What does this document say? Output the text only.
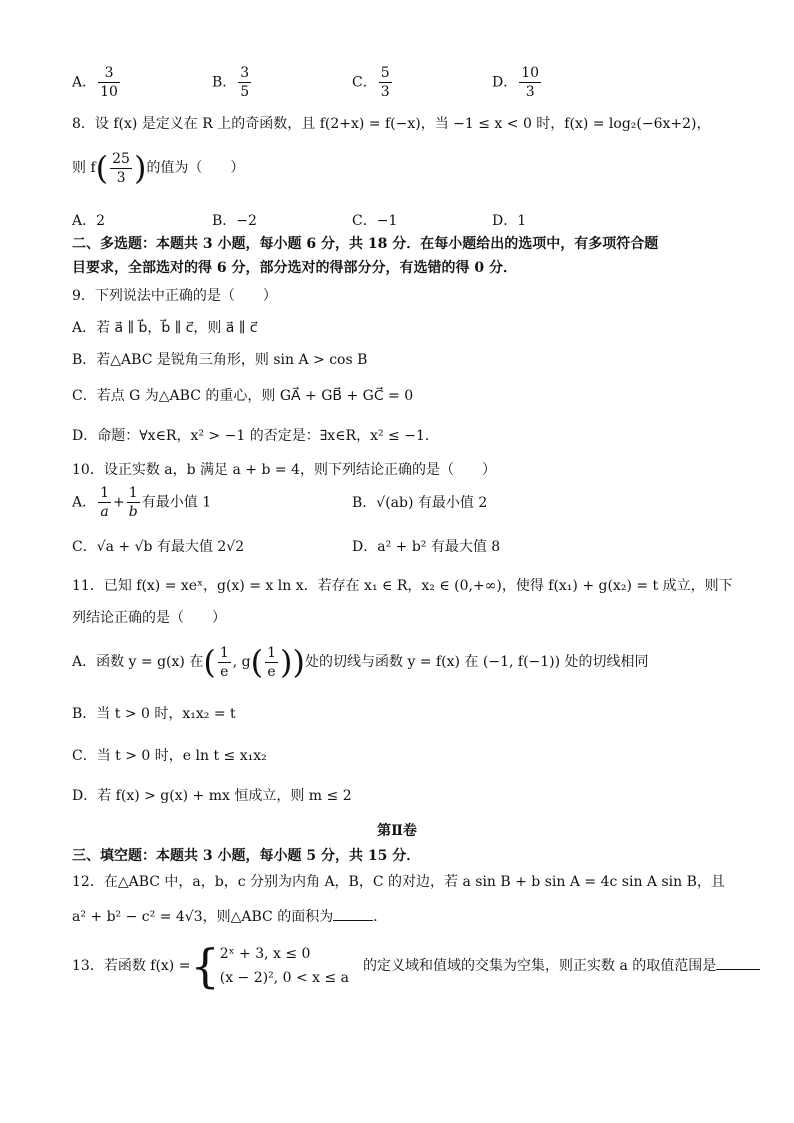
A． $\frac{3}{10}$	B． $\frac{3}{5}$	C． $\frac{5}{3}$	D． $\frac{10}{3}$
8．设 f(x) 是定义在 R 上的奇函数，且 f(2+x) = f(−x)，当 −1 ≤ x < 0 时，f(x) = log₂(−6x+2)，
则 $f( \frac{25}{3}$ )的值为（　　）
A．2	B．−2	C．−1	D．1
二、多选题：本题共 3 小题，每小题 6 分，共 18 分．在每小题给出的选项中，有多项符合题
目要求，全部选对的得 6 分，部分选对的得部分分，有选错的得 0 分．
9．下列说法中正确的是（　　）
A．若 a⃗ ∥ b⃗，b⃗ ∥ c⃗，则 a⃗ ∥ c⃗
B．若△ABC 是锐角三角形，则 sin A > cos B
C．若点 G 为△ABC 的重心，则 GA⃗ + GB⃗ + GC⃗ = 0
D．命题：∀x∈R，x² > −1 的否定是：∃x∈R，x² ≤ −1．
10．设正实数 a，b 满足 a + b = 4，则下列结论正确的是（　　）
A． $\frac{1}{a} + \frac{1}{b}$ 有最小值 1	B．√(ab) 有最小值 2
C．√a + √b 有最大值 2√2	D．a² + b² 有最大值 8
11．已知 f(x) = xeˣ，g(x) = x ln x．若存在 x₁ ∈ R，x₂ ∈ (0,+∞)，使得 f(x₁) + g(x₂) = t 成立，则下
列结论正确的是（　　）
A．函数 y = g(x) 在( $\frac{1}{e}$ , $g( \frac{1}{e}$ ))处的切线与函数 y = f(x) 在 (−1, f(−1)) 处的切线相同
B．当 t > 0 时，x₁x₂ = t
C．当 t > 0 时，e ln t ≤ x₁x₂
D．若 f(x) > g(x) + mx 恒成立，则 m ≤ 2
第Ⅱ卷
三、填空题：本题共 3 小题，每小题 5 分，共 15 分．
12．在△ABC 中，a，b，c 分别为内角 A，B，C 的对边，若 a sin B + b sin A = 4c sin A sin B，且
a² + b² − c² = 4√3，则△ABC 的面积为	．
13．若函数 f(x) ={ 2ˣ + 3, x ≤ 0
(x − 2)², 0 < x ≤ a
的定义域和值域的交集为空集，则正实数 a 的取值范围是
